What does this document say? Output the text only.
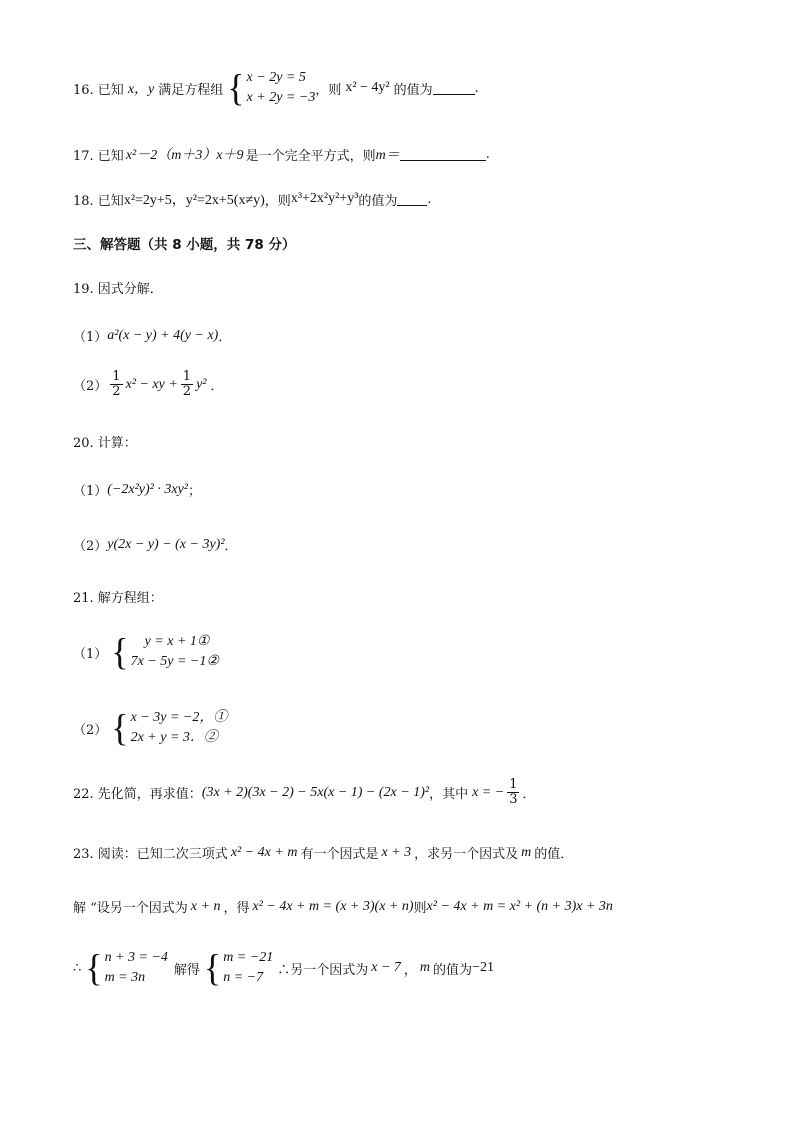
16. 已知 x，y 满足方程组 { x − 2y = 5
x + 2y = −3 ，则 x² − 4y² 的值为	.
17. 已知 x²－2（m＋3）x＋9 是一个完全平方式，则 m＝	.
18. 已知 x²=2y+5，y²=2x+5(x≠y) ，则 x³+2x²y²+y³ 的值为 .
三、解答题（共 8 小题，共 78 分）
19. 因式分解．
（1） a²(x − y) + 4(y − x) ．
$(2) \frac{1}{2} x^2$ − xy + $\frac{1}{2} y^2$ ．
20. 计算：
（1） (−2x²y)² · 3xy² ；
（2） y(2x − y) − (x − 3y)² ．
21. 解方程组：
（1） {	y = x + 1①
7x − 5y = −1②
（2） { x − 3y = −2，①
2x + y = 3．②
22. 先化简，再求值： (3x + 2)(3x − 2) − 5x(x − 1) − (2x − 1)² ，其中 x = − $\frac{1}{3}$ ．
23. 阅读：已知二次三项式 x² − 4x + m 有一个因式是 x + 3 ，求另一个因式及 m 的值．
解 “设另一个因式为 x + n ，得 x² − 4x + m = (x + 3)(x + n) 则 x² − 4x + m = x² + (n + 3)x + 3n
∴ { n + 3 = −4
m = 3n	解得 { m = −21
n = −7	∴另一个因式为 x − 7 ， m 的值为 −21
